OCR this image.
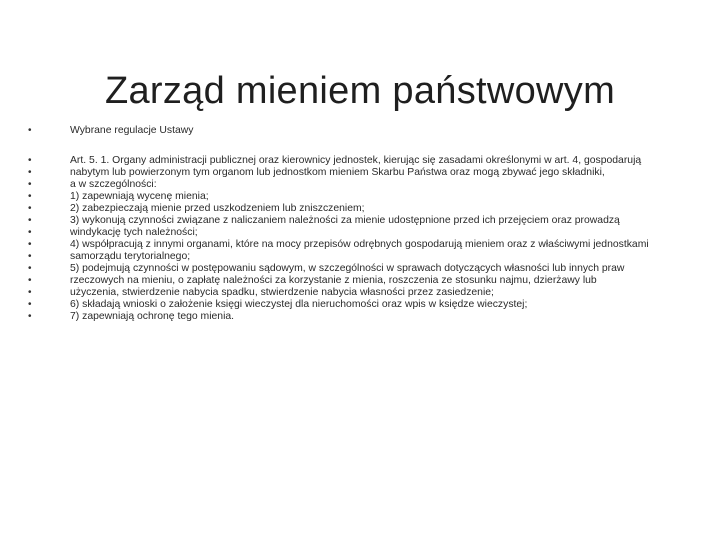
Zarząd mieniem państwowym
•	Wybrane regulacje Ustawy
•	Art. 5. 1. Organy administracji publicznej oraz kierownicy jednostek, kierując się zasadami określonymi w art. 4, gospodarują
•	nabytym lub powierzonym tym organom lub jednostkom mieniem Skarbu Państwa oraz mogą zbywać jego składniki,
•	a w szczególności:
•	1) zapewniają wycenę mienia;
•	2) zabezpieczają mienie przed uszkodzeniem lub zniszczeniem;
•	3) wykonują czynności związane z naliczaniem należności za mienie udostępnione przed ich przejęciem oraz prowadzą
•	windykację tych należności;
•	4) współpracują z innymi organami, które na mocy przepisów odrębnych gospodarują mieniem oraz z właściwymi jednostkami
•	samorządu terytorialnego;
•	5) podejmują czynności w postępowaniu sądowym, w szczególności w sprawach dotyczących własności lub innych praw
•	rzeczowych na mieniu, o zapłatę należności za korzystanie z mienia, roszczenia ze stosunku najmu, dzierżawy lub
•	użyczenia, stwierdzenie nabycia spadku, stwierdzenie nabycia własności przez zasiedzenie;
•	6) składają wnioski o założenie księgi wieczystej dla nieruchomości oraz wpis w księdze wieczystej;
•	7) zapewniają ochronę tego mienia.
